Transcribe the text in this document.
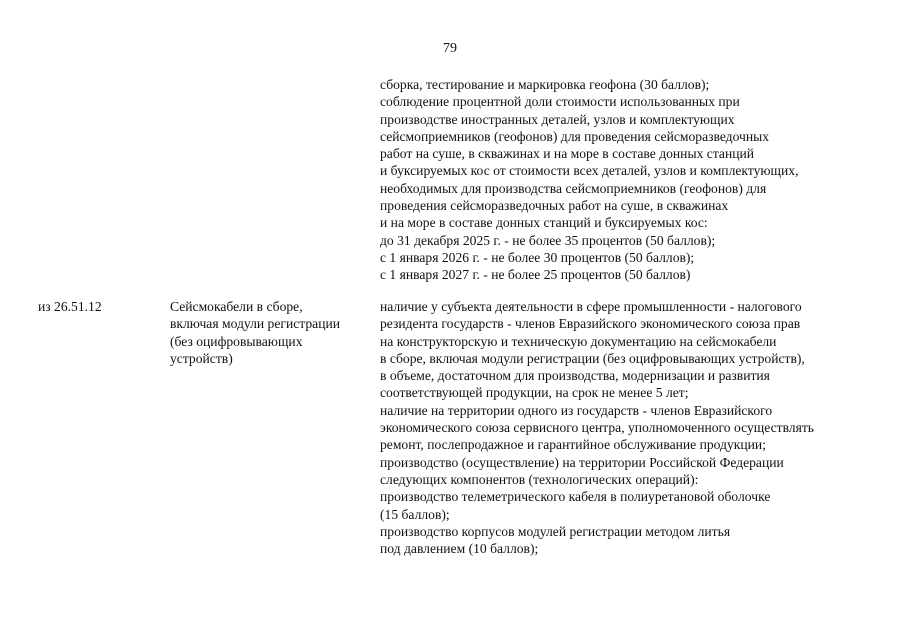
79
сборка, тестирование и маркировка геофона (30 баллов);
соблюдение процентной доли стоимости использованных при
производстве иностранных деталей, узлов и комплектующих
сейсмоприемников (геофонов) для проведения сейсморазведочных
работ на суше, в скважинах и на море в составе донных станций
и буксируемых кос от стоимости всех деталей, узлов и комплектующих,
необходимых для производства сейсмоприемников (геофонов) для
проведения сейсморазведочных работ на суше, в скважинах
и на море в составе донных станций и буксируемых кос:
до 31 декабря 2025 г. - не более 35 процентов (50 баллов);
с 1 января 2026 г. - не более 30 процентов (50 баллов);
с 1 января 2027 г. - не более 25 процентов (50 баллов)
из 26.51.12	Сейсмокабели в сборе,
включая модули регистрации
(без оцифровывающих
устройств)
наличие у субъекта деятельности в сфере промышленности - налогового
резидента государств - членов Евразийского экономического союза прав
на конструкторскую и техническую документацию на сейсмокабели
в сборе, включая модули регистрации (без оцифровывающих устройств),
в объеме, достаточном для производства, модернизации и развития
соответствующей продукции, на срок не менее 5 лет;
наличие на территории одного из государств - членов Евразийского
экономического союза сервисного центра, уполномоченного осуществлять
ремонт, послепродажное и гарантийное обслуживание продукции;
производство (осуществление) на территории Российской Федерации
следующих компонентов (технологических операций):
производство телеметрического кабеля в полиуретановой оболочке
(15 баллов);
производство корпусов модулей регистрации методом литья
под давлением (10 баллов);
